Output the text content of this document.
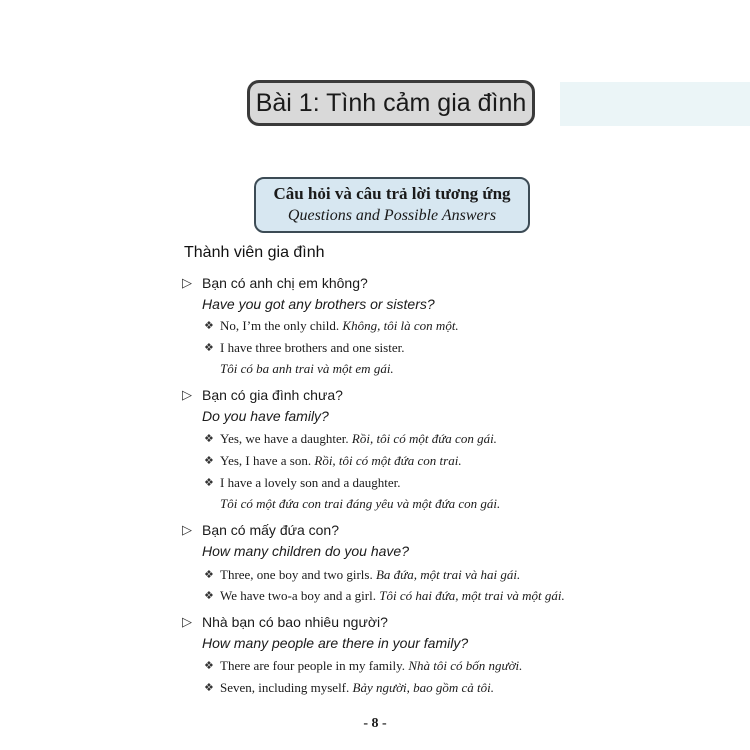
Bài 1: Tình cảm gia đình
Câu hỏi và câu trả lời tương ứng
Questions and Possible Answers
Thành viên gia đình
▷ Bạn có anh chị em không?
Have you got any brothers or sisters?
❖ No, I’m the only child. Không, tôi là con một.
❖ I have three brothers and one sister.
Tôi có ba anh trai và một em gái.
▷ Bạn có gia đình chưa?
Do you have family?
❖ Yes, we have a daughter. Rồi, tôi có một đứa con gái.
❖ Yes, I have a son. Rồi, tôi có một đứa con trai.
❖ I have a lovely son and a daughter.
Tôi có một đứa con trai đáng yêu và một đứa con gái.
▷ Bạn có mấy đứa con?
How many children do you have?
❖ Three, one boy and two girls. Ba đứa, một trai và hai gái.
❖ We have two-a boy and a girl. Tôi có hai đứa, một trai và một gái.
▷ Nhà bạn có bao nhiêu người?
How many people are there in your family?
❖ There are four people in my family. Nhà tôi có bốn người.
❖ Seven, including myself. Bảy người, bao gồm cả tôi.
- 8 -
